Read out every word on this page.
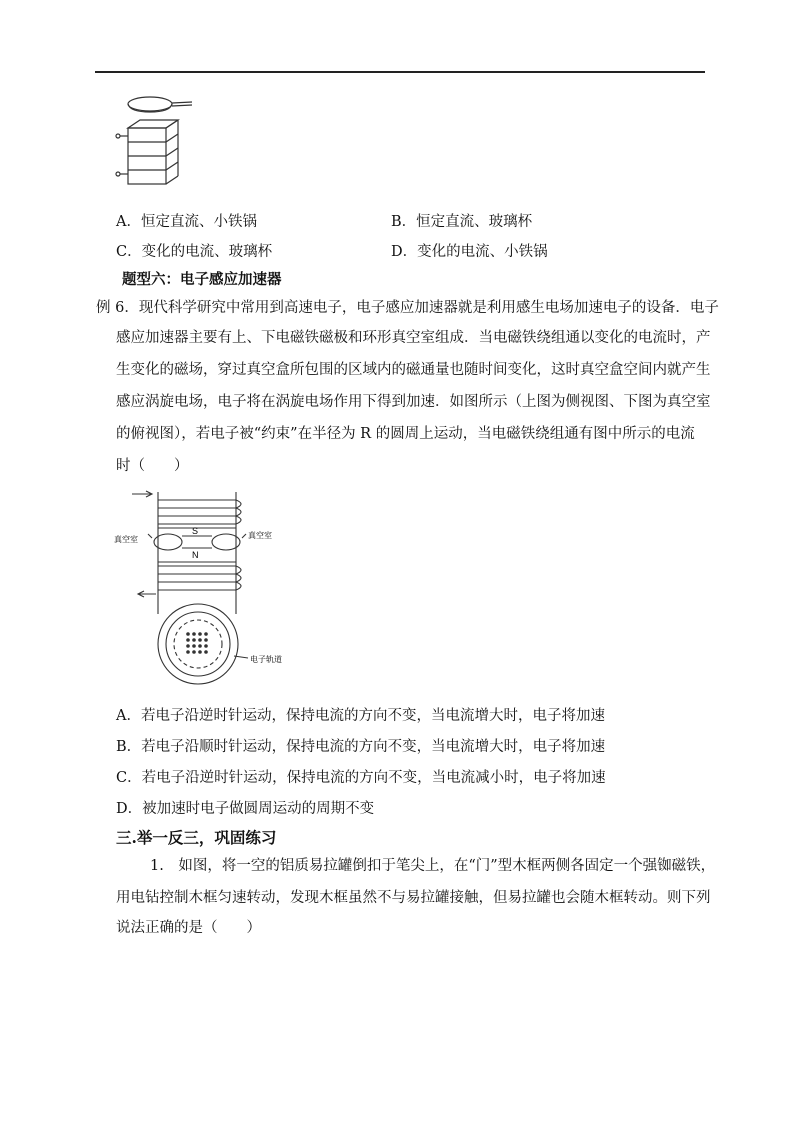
A．恒定直流、小铁锅	B．恒定直流、玻璃杯
C．变化的电流、玻璃杯	D．变化的电流、小铁锅
题型六：电子感应加速器
例 6．现代科学研究中常用到高速电子，电子感应加速器就是利用感生电场加速电子的设备．电子
感应加速器主要有上、下电磁铁磁极和环形真空室组成．当电磁铁绕组通以变化的电流时，产
生变化的磁场，穿过真空盒所包围的区域内的磁通量也随时间变化，这时真空盒空间内就产生
感应涡旋电场，电子将在涡旋电场作用下得到加速．如图所示（上图为侧视图、下图为真空室
的俯视图），若电子被“约束”在半径为 R 的圆周上运动，当电磁铁绕组通有图中所示的电流
时（　　）
S
N
真空室	真空室
电子轨道
A．若电子沿逆时针运动，保持电流的方向不变，当电流增大时，电子将加速
B．若电子沿顺时针运动，保持电流的方向不变，当电流增大时，电子将加速
C．若电子沿逆时针运动，保持电流的方向不变，当电流减小时，电子将加速
D．被加速时电子做圆周运动的周期不变
三.举一反三，巩固练习
1.　如图，将一空的铝质易拉罐倒扣于笔尖上，在“门”型木框两侧各固定一个强铷磁铁，
用电钻控制木框匀速转动，发现木框虽然不与易拉罐接触，但易拉罐也会随木框转动。则下列
说法正确的是（　　）
